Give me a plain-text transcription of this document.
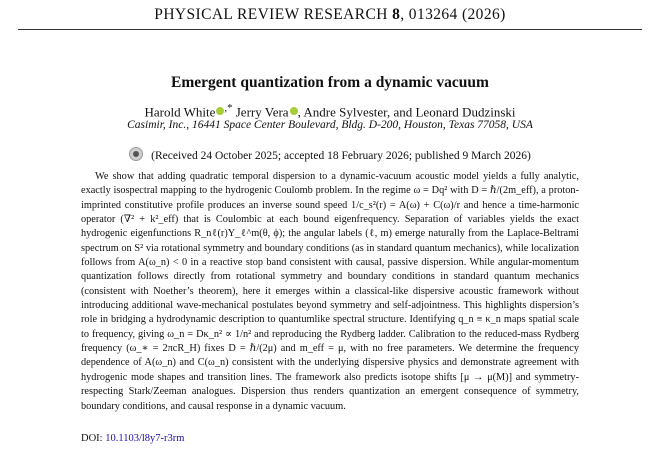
PHYSICAL REVIEW RESEARCH 8, 013264 (2026)
Emergent quantization from a dynamic vacuum
Harold White ,* Jerry Vera , Andre Sylvester, and Leonard Dudzinski
Casimir, Inc., 16441 Space Center Boulevard, Bldg. D-200, Houston, Texas 77058, USA
(Received 24 October 2025; accepted 18 February 2026; published 9 March 2026)

We show that adding quadratic temporal dispersion to a dynamic-vacuum acoustic model yields a fully analytic, exactly isospectral mapping to the hydrogenic Coulomb problem. In the regime ω = Dq² with D = ℏ/(2m_eff), a proton-imprinted constitutive profile produces an inverse sound speed 1/c_s²(r) = A(ω) + C(ω)/r and hence a time-harmonic operator (∇² + k²_eff) that is Coulombic at each bound eigenfrequency. Separation of variables yields the exact hydrogenic eigenfunctions R_nℓ(r)Y_ℓ^m(θ, ϕ); the angular labels (ℓ, m) emerge naturally from the Laplace-Beltrami spectrum on S² via rotational symmetry and boundary conditions (as in standard quantum mechanics), while localization follows from A(ω_n) < 0 in a reactive stop band consistent with causal, passive dispersion. While angular-momentum quantization follows directly from rotational symmetry and boundary conditions in standard quantum mechanics (consistent with Noether’s theorem), here it emerges within a classical-like dispersive acoustic framework without introducing additional wave-mechanical postulates beyond symmetry and self-adjointness. This highlights dispersion’s role in bridging a hydrodynamic description to quantumlike spectral structure. Identifying q_n ≡ κ_n maps spatial scale to frequency, giving ω_n = Dκ_n² ∝ 1/n² and reproducing the Rydberg ladder. Calibration to the reduced-mass Rydberg frequency (ω_∗ = 2πcR_H) fixes D = ℏ/(2μ) and m_eff = μ, with no free parameters. We determine the frequency dependence of A(ω_n) and C(ω_n) consistent with the underlying dispersive physics and demonstrate agreement with hydrogenic mode shapes and transition lines. The framework also predicts isotope shifts [μ → μ(M)] and symmetry-respecting Stark/Zeeman analogues. Dispersion thus renders quantization an emergent consequence of symmetry, boundary conditions, and causal response in a dynamic vacuum.

DOI: 10.1103/l8y7-r3rm
